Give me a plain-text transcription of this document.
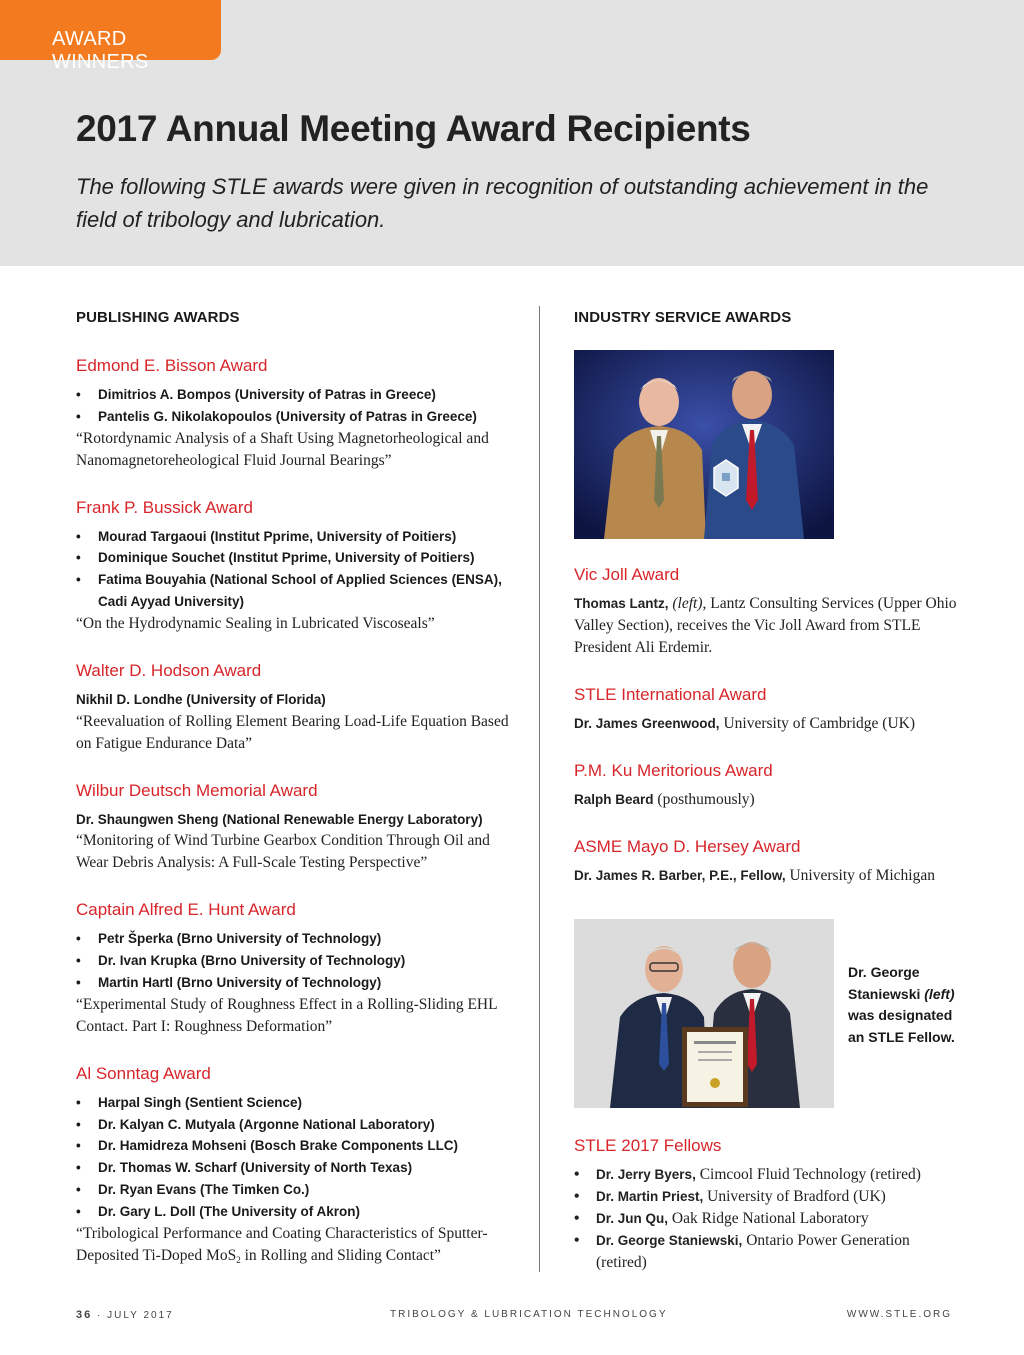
AWARD WINNERS
2017 Annual Meeting Award Recipients

The following STLE awards were given in recognition of outstanding achievement in the field of tribology and lubrication.

PUBLISHING AWARDS
Edmond E. Bisson Award
• Dimitrios A. Bompos (University of Patras in Greece)
• Pantelis G. Nikolakopoulos (University of Patras in Greece)
“Rotordynamic Analysis of a Shaft Using Magnetorheological and Nanomagnetoreheological Fluid Journal Bearings”
Frank P. Bussick Award
• Mourad Targaoui (Institut Pprime, University of Poitiers)
• Dominique Souchet (Institut Pprime, University of Poitiers)
• Fatima Bouyahia (National School of Applied Sciences (ENSA), Cadi Ayyad University)
“On the Hydrodynamic Sealing in Lubricated Viscoseals”
Walter D. Hodson Award
Nikhil D. Londhe (University of Florida)
“Reevaluation of Rolling Element Bearing Load-Life Equation Based on Fatigue Endurance Data”
Wilbur Deutsch Memorial Award
Dr. Shaungwen Sheng (National Renewable Energy Laboratory)
“Monitoring of Wind Turbine Gearbox Condition Through Oil and Wear Debris Analysis: A Full-Scale Testing Perspective”
Captain Alfred E. Hunt Award
• Petr Šperka (Brno University of Technology)
• Dr. Ivan Krupka (Brno University of Technology)
• Martin Hartl (Brno University of Technology)
“Experimental Study of Roughness Effect in a Rolling-Sliding EHL Contact. Part I: Roughness Deformation”
Al Sonntag Award
• Harpal Singh (Sentient Science)
• Dr. Kalyan C. Mutyala (Argonne National Laboratory)
• Dr. Hamidreza Mohseni (Bosch Brake Components LLC)
• Dr. Thomas W. Scharf (University of North Texas)
• Dr. Ryan Evans (The Timken Co.)
• Dr. Gary L. Doll (The University of Akron)
“Tribological Performance and Coating Characteristics of Sputter-Deposited Ti-Doped MoS$_2$ in Rolling and Sliding Contact”
INDUSTRY SERVICE AWARDS
Vic Joll Award
Thomas Lantz, (left), Lantz Consulting Services (Upper Ohio Valley Section), receives the Vic Joll Award from STLE President Ali Erdemir.
STLE International Award
Dr. James Greenwood, University of Cambridge (UK)
P.M. Ku Meritorious Award
Ralph Beard (posthumously)
ASME Mayo D. Hersey Award
Dr. James R. Barber, P.E., Fellow, University of Michigan
STLE 2017 Fellows
• Dr. Jerry Byers, Cimcool Fluid Technology (retired)
• Dr. Martin Priest, University of Bradford (UK)
• Dr. Jun Qu, Oak Ridge National Laboratory
• Dr. George Staniewski, Ontario Power Generation (retired)
Dr. George Staniewski (left) was designated an STLE Fellow.
36 · JULY 2017	TRIBOLOGY & LUBRICATION TECHNOLOGY	WWW.STLE.ORG
